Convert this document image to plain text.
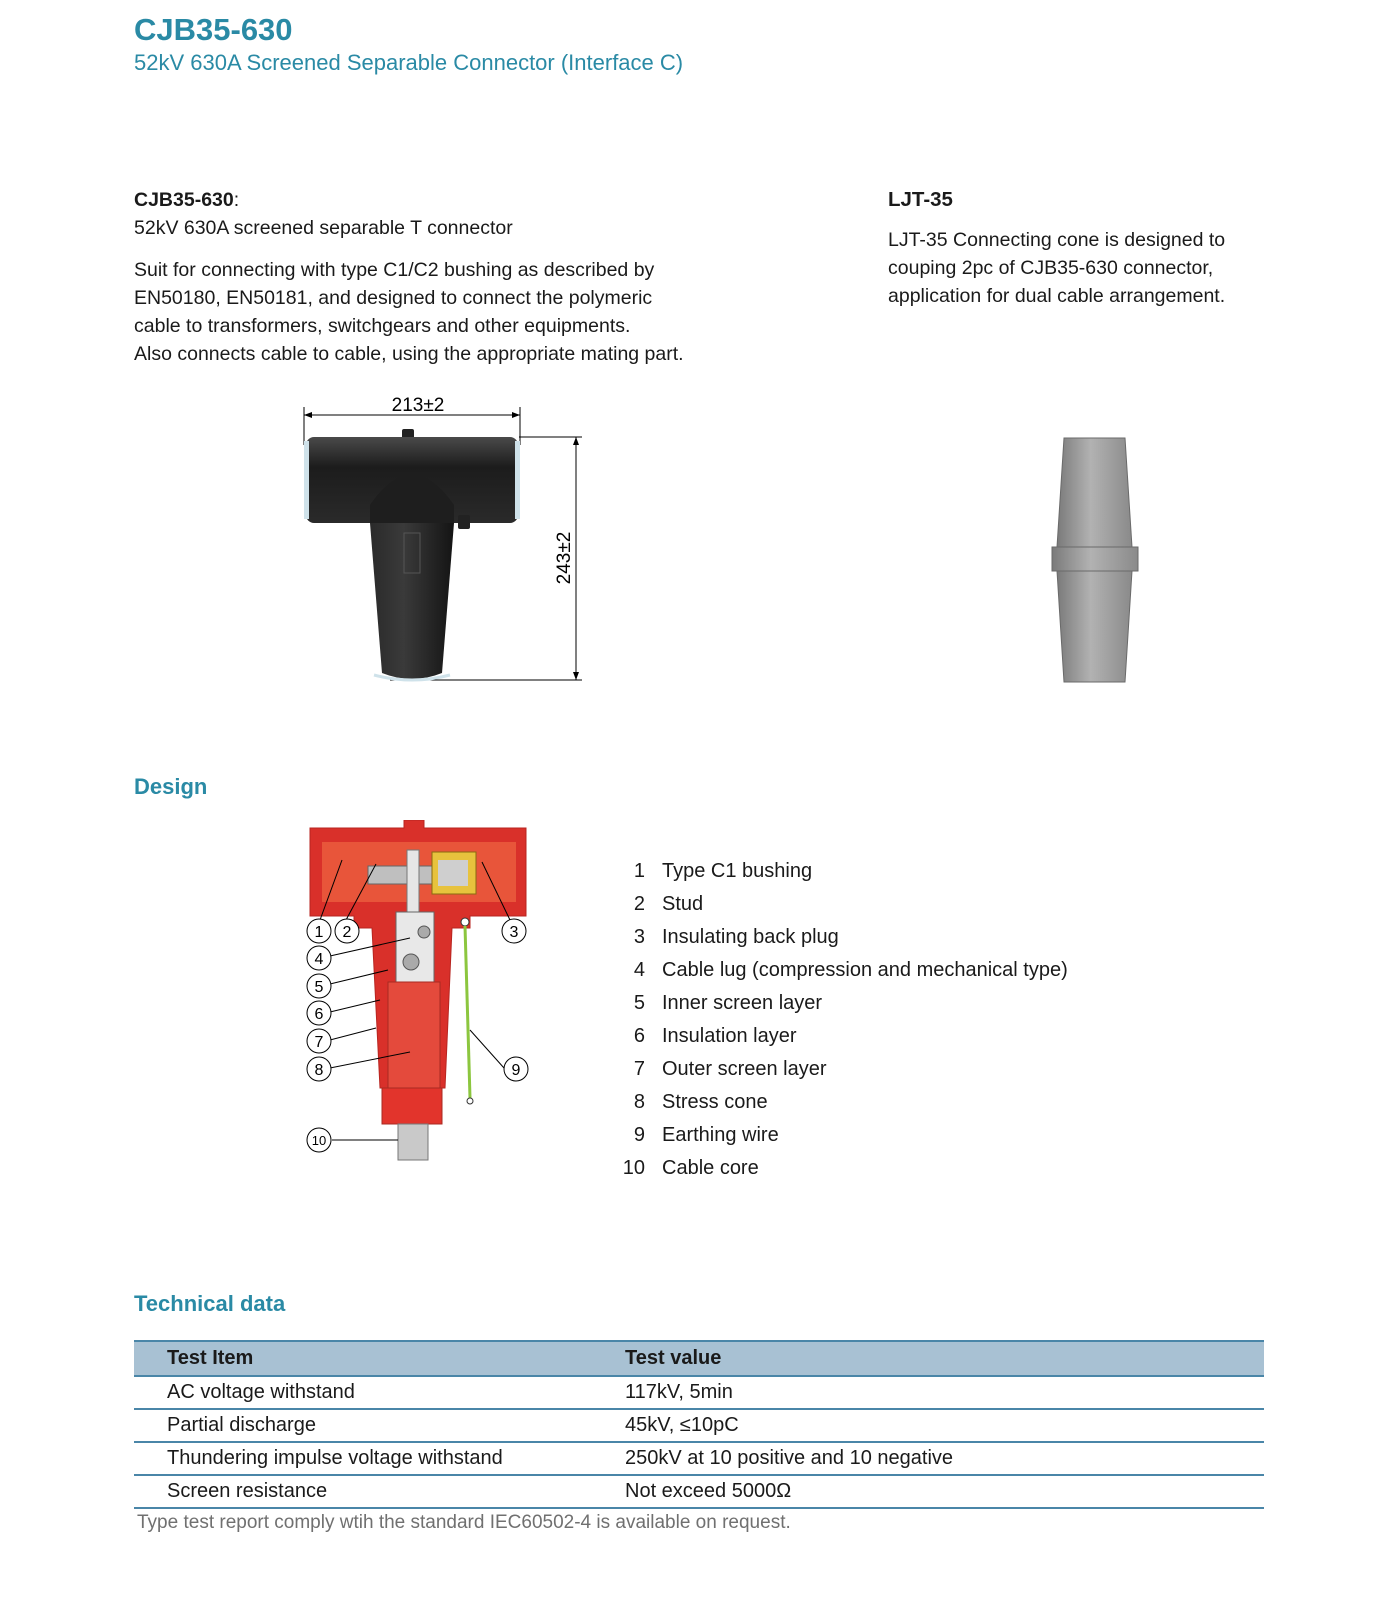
CJB35-630
52kV 630A Screened Separable Connector (Interface C)
CJB35-630:

52kV 630A screened separable T connector

Suit for connecting with type C1/C2 bushing as described by

EN50180, EN50181, and designed to connect the polymeric

cable to transformers, switchgears and other equipments.

Also connects cable to cable, using the appropriate mating part.

LJT-35
LJT-35 Connecting cone is designed to
couping 2pc of CJB35-630 connector,
application for dual cable arrangement.
213±2
243±2
Design
1 2	3
4
5
6
7
8	9
10
1 Type C1 bushing
2 Stud
3 Insulating back plug
4 Cable lug (compression and mechanical type)
5 Inner screen layer
6 Insulation layer
7 Outer screen layer
8 Stress cone
9 Earthing wire
10 Cable core
Technical data
Test Item	Test value
AC voltage withstand	117kV, 5min
Partial discharge	45kV, ≤10pC
Thundering impulse voltage withstand	250kV at 10 positive and 10 negative
Screen resistance	Not exceed 5000Ω
Type test report comply wtih the standard IEC60502-4 is available on request.
